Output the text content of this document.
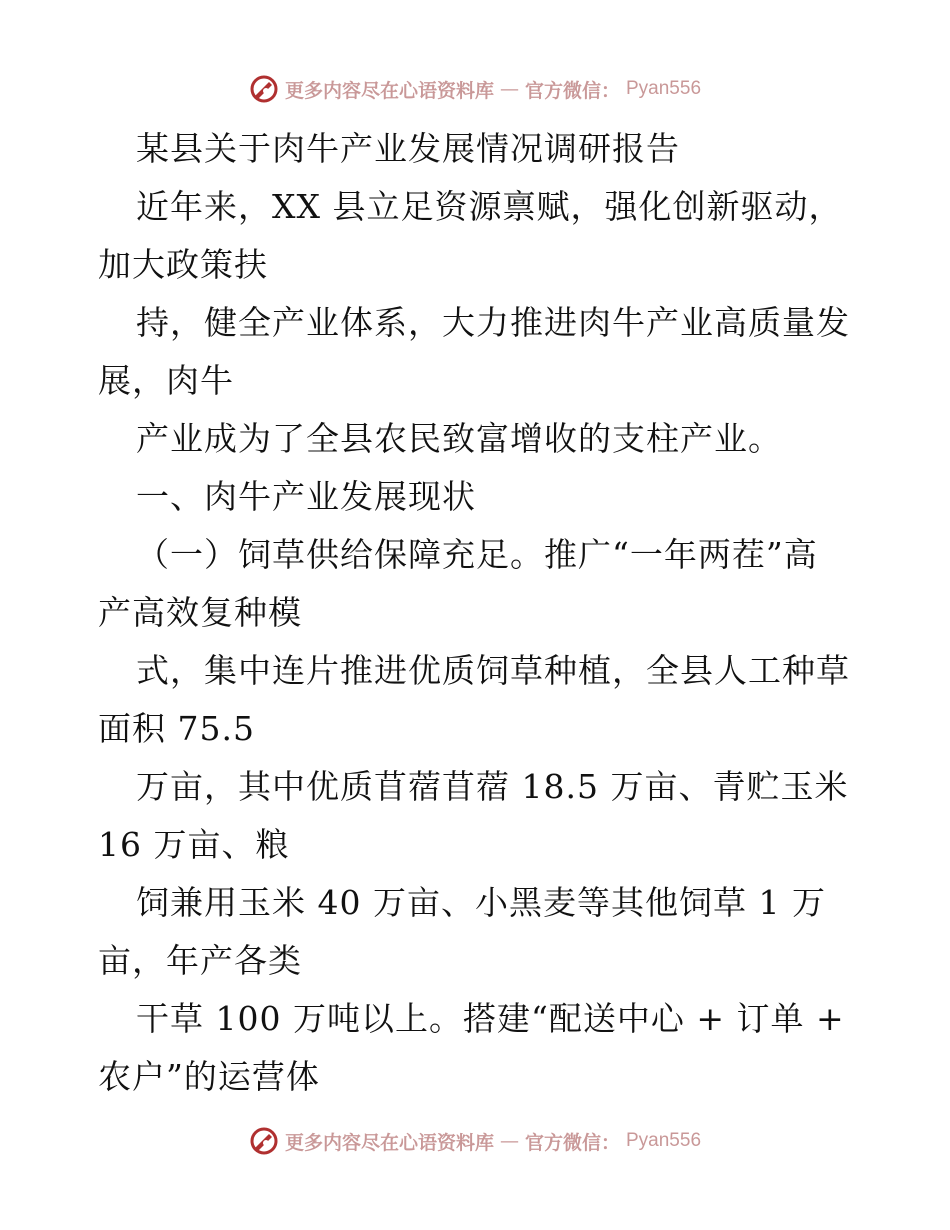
更多内容尽在心语资料库 — 官方微信： Pyan556
某县关于肉牛产业发展情况调研报告
近年来，XX 县立足资源禀赋，强化创新驱动，
加大政策扶
持，健全产业体系，大力推进肉牛产业高质量发
展，肉牛
产业成为了全县农民致富增收的支柱产业。
一、肉牛产业发展现状
（一）饲草供给保障充足。推广“一年两茬”高
产高效复种模
式，集中连片推进优质饲草种植，全县人工种草
面积 75.5
万亩，其中优质苜蓿苜蓿 18.5 万亩、青贮玉米
16 万亩、粮
饲兼用玉米 40 万亩、小黑麦等其他饲草 1 万
亩，年产各类
干草 100 万吨以上。搭建“配送中心 + 订单 +
农户”的运营体
更多内容尽在心语资料库 — 官方微信： Pyan556
